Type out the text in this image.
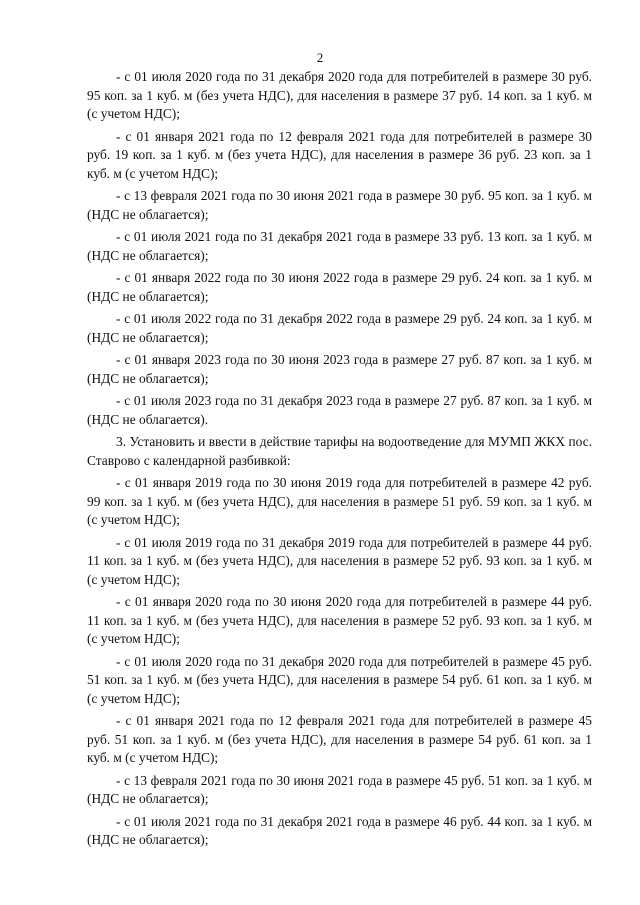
2

- с 01 июля 2020 года по 31 декабря 2020 года для потребителей в размере 30 руб. 95 коп. за 1 куб. м (без учета НДС), для населения в размере 37 руб. 14 коп. за 1 куб. м (с учетом НДС);

- с 01 января 2021 года по 12 февраля 2021 года для потребителей в размере 30 руб. 19 коп. за 1 куб. м (без учета НДС), для населения в размере 36 руб. 23 коп. за 1 куб. м (с учетом НДС);

- с 13 февраля 2021 года по 30 июня 2021 года в размере 30 руб. 95 коп. за 1 куб. м (НДС не облагается);

- с 01 июля 2021 года по 31 декабря 2021 года в размере 33 руб. 13 коп. за 1 куб. м (НДС не облагается);

- с 01 января 2022 года по 30 июня 2022 года в размере 29 руб. 24 коп. за 1 куб. м (НДС не облагается);

- с 01 июля 2022 года по 31 декабря 2022 года в размере 29 руб. 24 коп. за 1 куб. м (НДС не облагается);

- с 01 января 2023 года по 30 июня 2023 года в размере 27 руб. 87 коп. за 1 куб. м (НДС не облагается);

- с 01 июля 2023 года по 31 декабря 2023 года в размере 27 руб. 87 коп. за 1 куб. м (НДС не облагается).

3. Установить и ввести в действие тарифы на водоотведение для МУМП ЖКХ пос. Ставрово с календарной разбивкой:

- с 01 января 2019 года по 30 июня 2019 года для потребителей в размере 42 руб. 99 коп. за 1 куб. м (без учета НДС), для населения в размере 51 руб. 59 коп. за 1 куб. м (с учетом НДС);

- с 01 июля 2019 года по 31 декабря 2019 года для потребителей в размере 44 руб. 11 коп. за 1 куб. м (без учета НДС), для населения в размере 52 руб. 93 коп. за 1 куб. м (с учетом НДС);

- с 01 января 2020 года по 30 июня 2020 года для потребителей в размере 44 руб. 11 коп. за 1 куб. м (без учета НДС), для населения в размере 52 руб. 93 коп. за 1 куб. м (с учетом НДС);

- с 01 июля 2020 года по 31 декабря 2020 года для потребителей в размере 45 руб. 51 коп. за 1 куб. м (без учета НДС), для населения в размере 54 руб. 61 коп. за 1 куб. м (с учетом НДС);

- с 01 января 2021 года по 12 февраля 2021 года для потребителей в размере 45 руб. 51 коп. за 1 куб. м (без учета НДС), для населения в размере 54 руб. 61 коп. за 1 куб. м (с учетом НДС);

- с 13 февраля 2021 года по 30 июня 2021 года в размере 45 руб. 51 коп. за 1 куб. м (НДС не облагается);

- с 01 июля 2021 года по 31 декабря 2021 года в размере 46 руб. 44 коп. за 1 куб. м (НДС не облагается);
